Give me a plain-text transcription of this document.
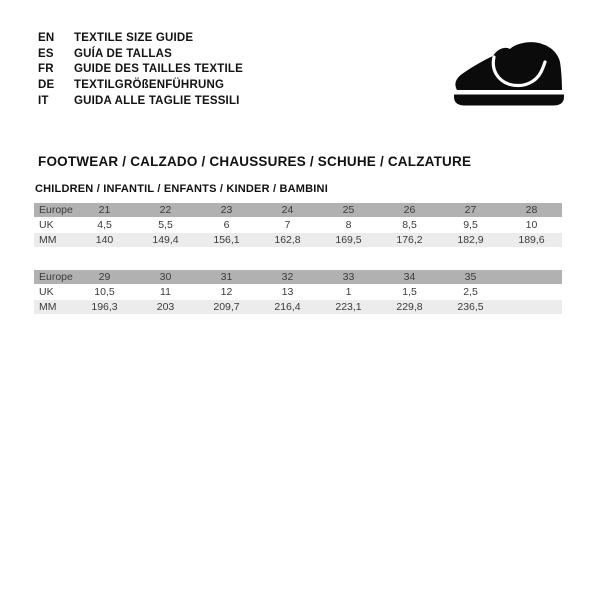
EN	TEXTILE SIZE GUIDE
ES	GUÍA DE TALLAS
FR	GUIDE DES TAILLES TEXTILE
DE	TEXTILGRÖßENFÜHRUNG
IT	GUIDA ALLE TAGLIE TESSILI
FOOTWEAR / CALZADO / CHAUSSURES / SCHUHE / CALZATURE
CHILDREN / INFANTIL / ENFANTS / KINDER / BAMBINI
Europe	21	22	23	24	25	26	27	28
UK	4,5	5,5	6	7	8	8,5	9,5	10
MM	140	149,4	156,1	162,8	169,5	176,2	182,9	189,6
Europe	29	30	31	32	33	34	35	
UK	10,5	11	12	13	1	1,5	2,5	
MM	196,3	203	209,7	216,4	223,1	229,8	236,5	
